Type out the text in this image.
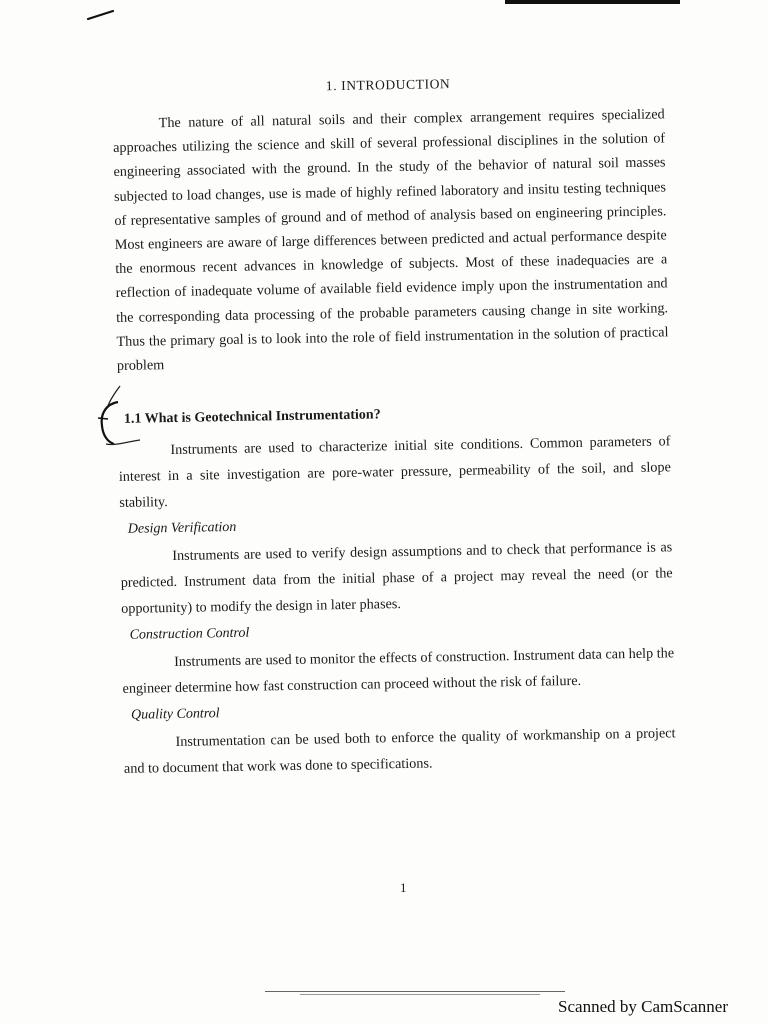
1. INTRODUCTION

The nature of all natural soils and their complex arrangement requires specialized approaches utilizing the science and skill of several professional disciplines in the solution of engineering associated with the ground. In the study of the behavior of natural soil masses subjected to load changes, use is made of highly refined laboratory and insitu testing techniques of representative samples of ground and of method of analysis based on engineering principles. Most engineers are aware of large differences between predicted and actual performance despite the enormous recent advances in knowledge of subjects. Most of these inadequacies are a reflection of inadequate volume of available field evidence imply upon the instrumentation and the corresponding data processing of the probable parameters causing change in site working. Thus the primary goal is to look into the role of field instrumentation in the solution of practical problem

1.1 What is Geotechnical Instrumentation?

Instruments are used to characterize initial site conditions. Common parameters of interest in a site investigation are pore-water pressure, permeability of the soil, and slope stability.

Design Verification

Instruments are used to verify design assumptions and to check that performance is as predicted. Instrument data from the initial phase of a project may reveal the need (or the opportunity) to modify the design in later phases.

Construction Control

Instruments are used to monitor the effects of construction. Instrument data can help the engineer determine how fast construction can proceed without the risk of failure.

Quality Control

Instrumentation can be used both to enforce the quality of workmanship on a project and to document that work was done to specifications.

1
Scanned by CamScanner
